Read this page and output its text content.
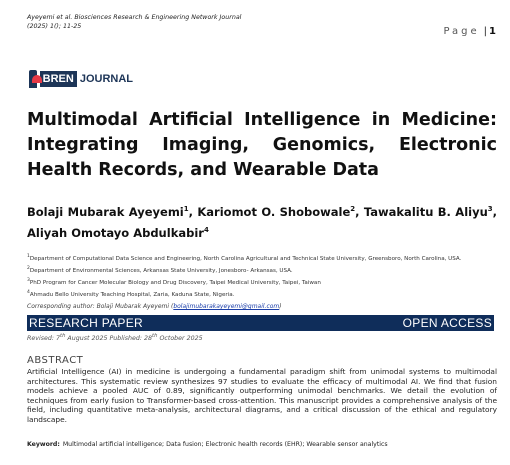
Ayeyemi et al. Biosciences Research & Engineering Network Journal
(2025) 1(); 11-25	Page | 1
BREN JOURNAL
Multimodal Artificial Intelligence in Medicine: Integrating Imaging, Genomics, Electronic Health Records, and Wearable Data
Bolaji Mubarak Ayeyemi$^1$, Kariomot O. Shobowale$^2$, Tawakalitu B. Aliyu$^3$, Aliyah Omotayo Abdulkabir$^4$
$^1$Department of Computational Data Science and Engineering, North Carolina Agricultural and Technical State University, Greensboro, North Carolina, USA.
$^2$Department of Environmental Sciences, Arkansas State University, Jonesboro- Arkansas, USA.
$^3$PhD Program for Cancer Molecular Biology and Drug Discovery, Taipei Medical University, Taipei, Taiwan
$^4$Ahmadu Bello University Teaching Hospital, Zaria, Kaduna State, Nigeria.
Corresponding author: Bolaji Mubarak Ayeyemi (bolajimubarakayeyemi@gmail.com)
RESEARCH PAPER	OPEN ACCESS
Revised: 7th August 2025 Published: 28th October 2025
ABSTRACT

Artificial Intelligence (AI) in medicine is undergoing a fundamental paradigm shift from unimodal systems to multimodal architectures. This systematic review synthesizes 97 studies to evaluate the efficacy of multimodal AI. We find that fusion models achieve a pooled AUC of 0.89, significantly outperforming unimodal benchmarks. We detail the evolution of techniques from early fusion to Transformer-based cross-attention. This manuscript provides a comprehensive analysis of the field, including quantitative meta-analysis, architectural diagrams, and a critical discussion of the ethical and regulatory landscape.

Keyword: Multimodal artificial intelligence; Data fusion; Electronic health records (EHR); Wearable sensor analytics
